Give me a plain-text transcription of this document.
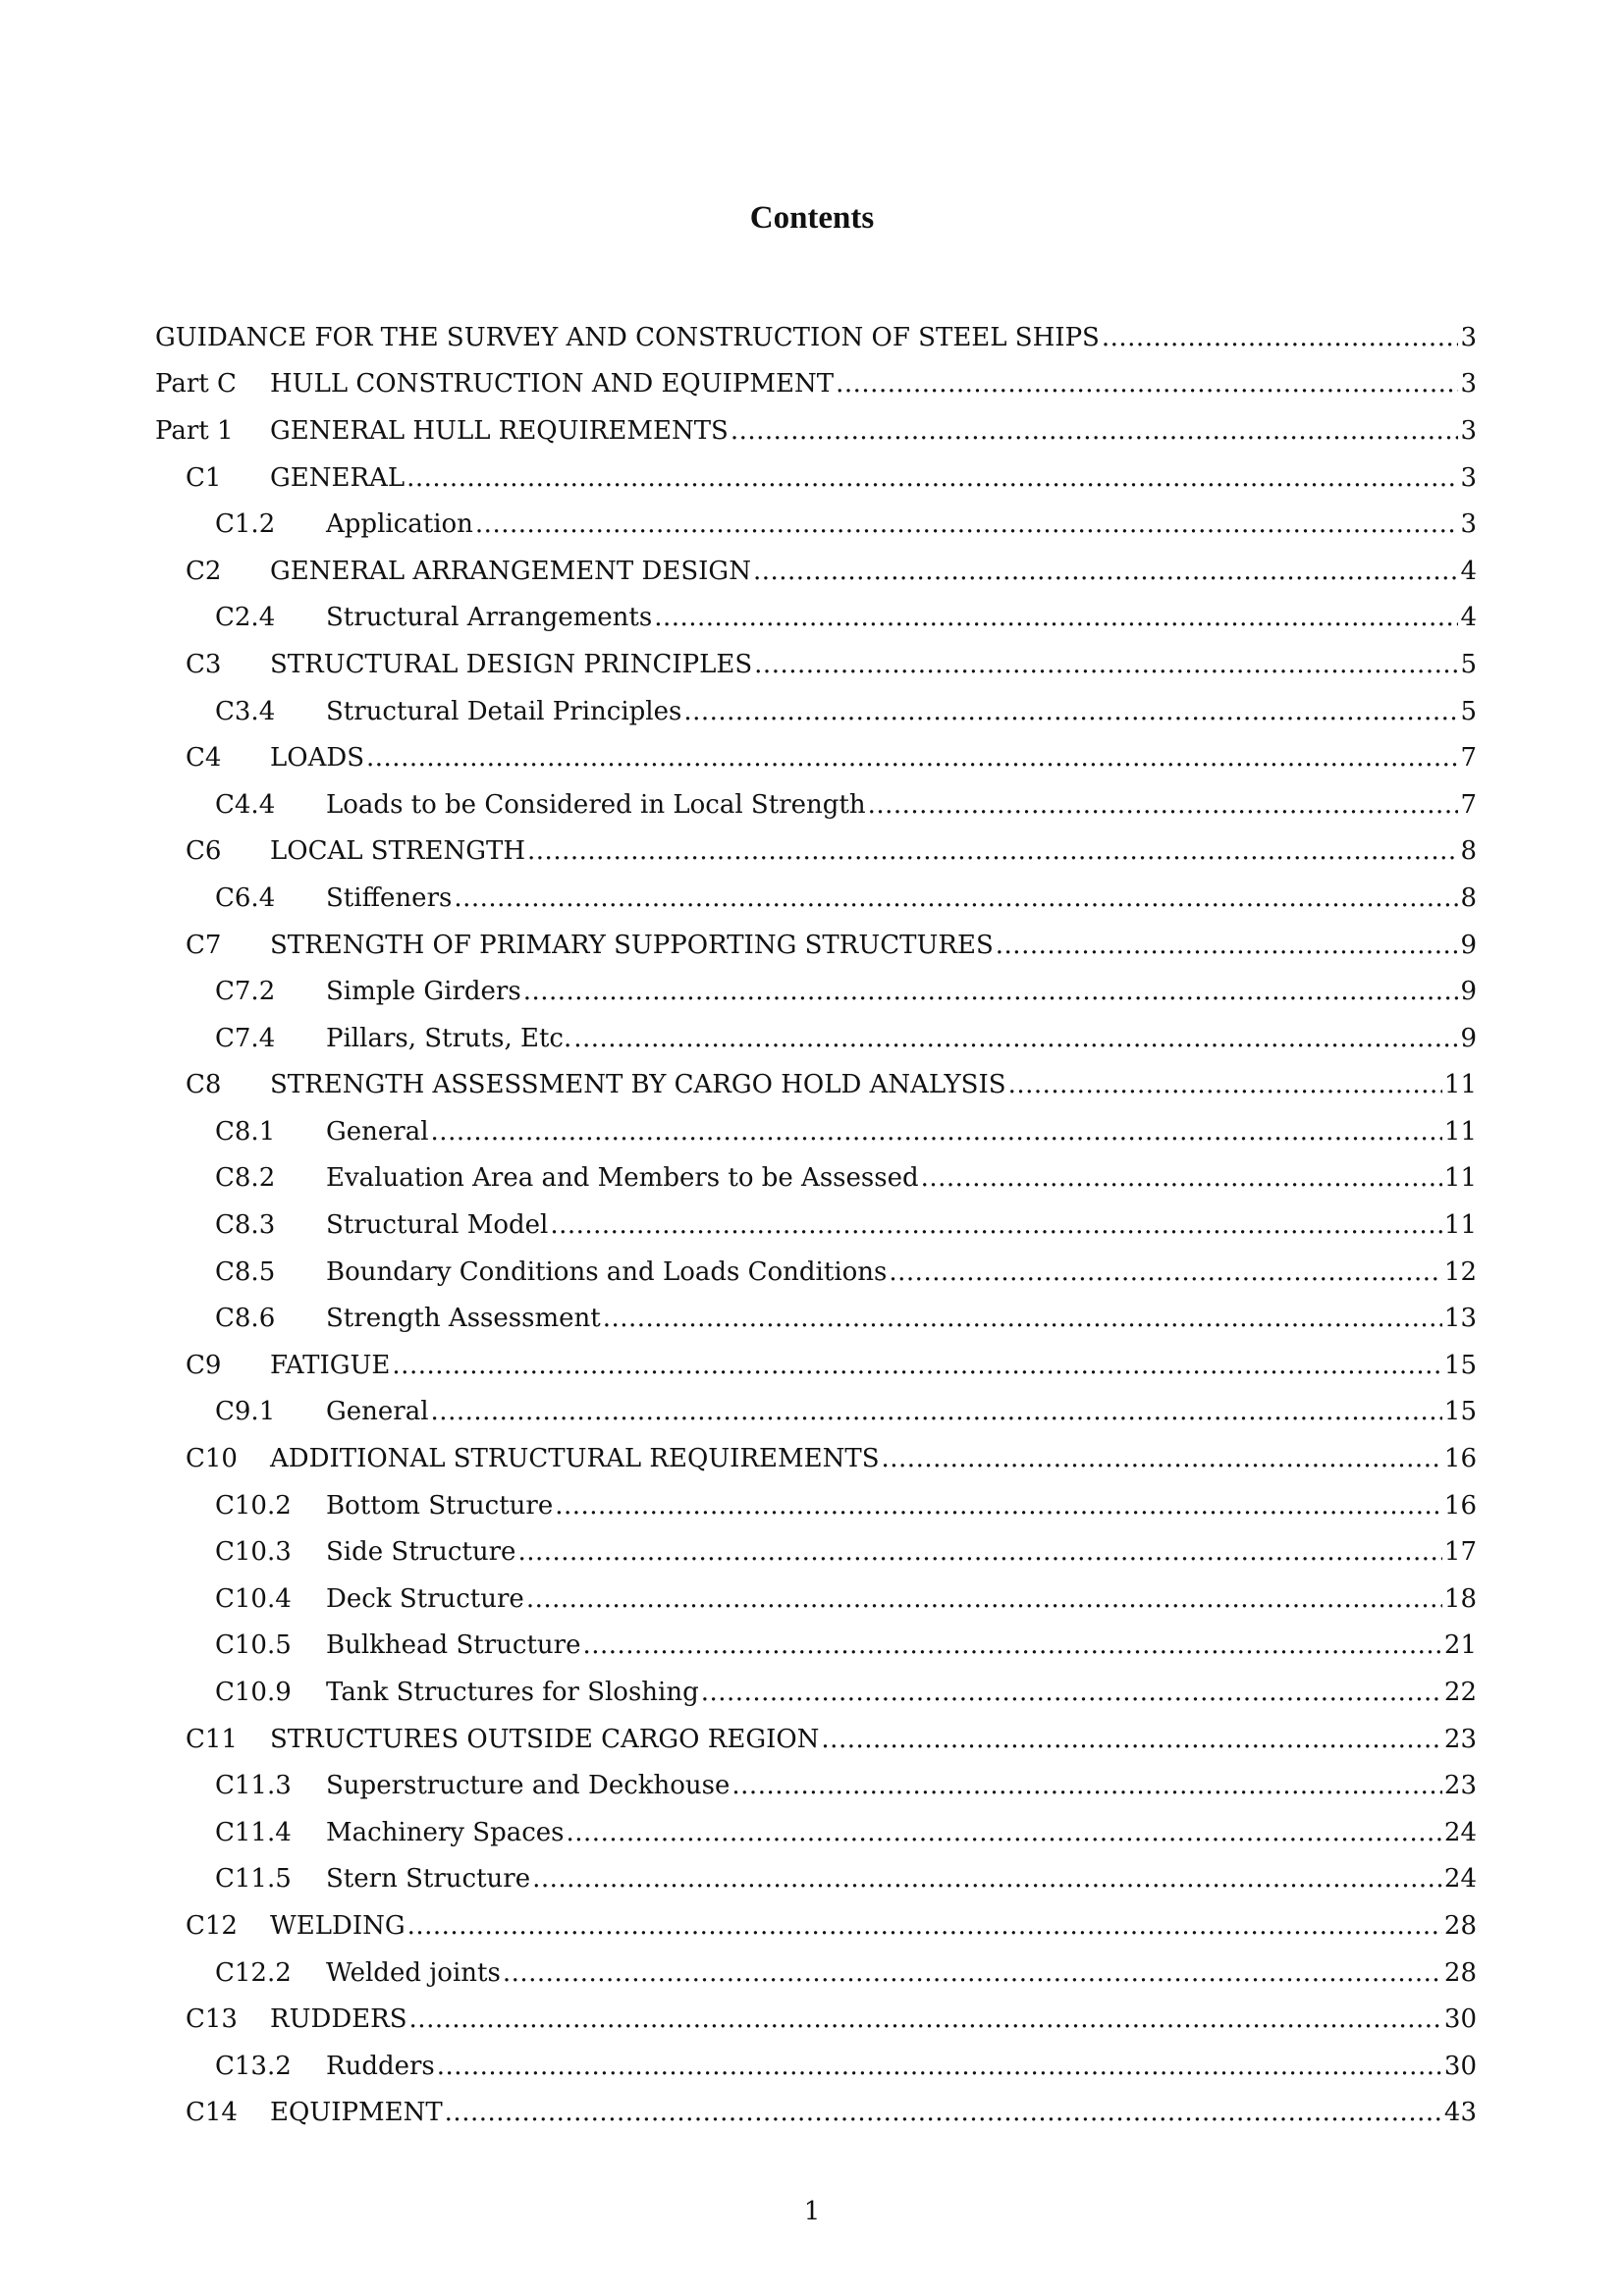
Contents
GUIDANCE FOR THE SURVEY AND CONSTRUCTION OF STEEL SHIPS .....	3
Part C	HULL CONSTRUCTION AND EQUIPMENT .....	3
Part 1	GENERAL HULL REQUIREMENTS .....	3
C1	GENERAL .....	3
C1.2	Application .....	3
C2	GENERAL ARRANGEMENT DESIGN .....	4
C2.4	Structural Arrangements .....	4
C3	STRUCTURAL DESIGN PRINCIPLES .....	5
C3.4	Structural Detail Principles .....	5
C4	LOADS .....	7
C4.4	Loads to be Considered in Local Strength .....	7
C6	LOCAL STRENGTH .....	8
C6.4	Stiffeners .....	8
C7	STRENGTH OF PRIMARY SUPPORTING STRUCTURES .....	9
C7.2	Simple Girders .....	9
C7.4	Pillars, Struts, Etc. .....	9
C8	STRENGTH ASSESSMENT BY CARGO HOLD ANALYSIS .....	11
C8.1	General .....	11
C8.2	Evaluation Area and Members to be Assessed .....	11
C8.3	Structural Model .....	11
C8.5	Boundary Conditions and Loads Conditions .....	12
C8.6	Strength Assessment .....	13
C9	FATIGUE .....	15
C9.1	General .....	15
C10	ADDITIONAL STRUCTURAL REQUIREMENTS .....	16
C10.2	Bottom Structure .....	16
C10.3	Side Structure .....	17
C10.4	Deck Structure .....	18
C10.5	Bulkhead Structure .....	21
C10.9	Tank Structures for Sloshing .....	22
C11	STRUCTURES OUTSIDE CARGO REGION .....	23
C11.3	Superstructure and Deckhouse .....	23
C11.4	Machinery Spaces .....	24
C11.5	Stern Structure .....	24
C12	WELDING .....	28
C12.2	Welded joints .....	28
C13	RUDDERS .....	30
C13.2	Rudders .....	30
C14	EQUIPMENT .....	43
1
